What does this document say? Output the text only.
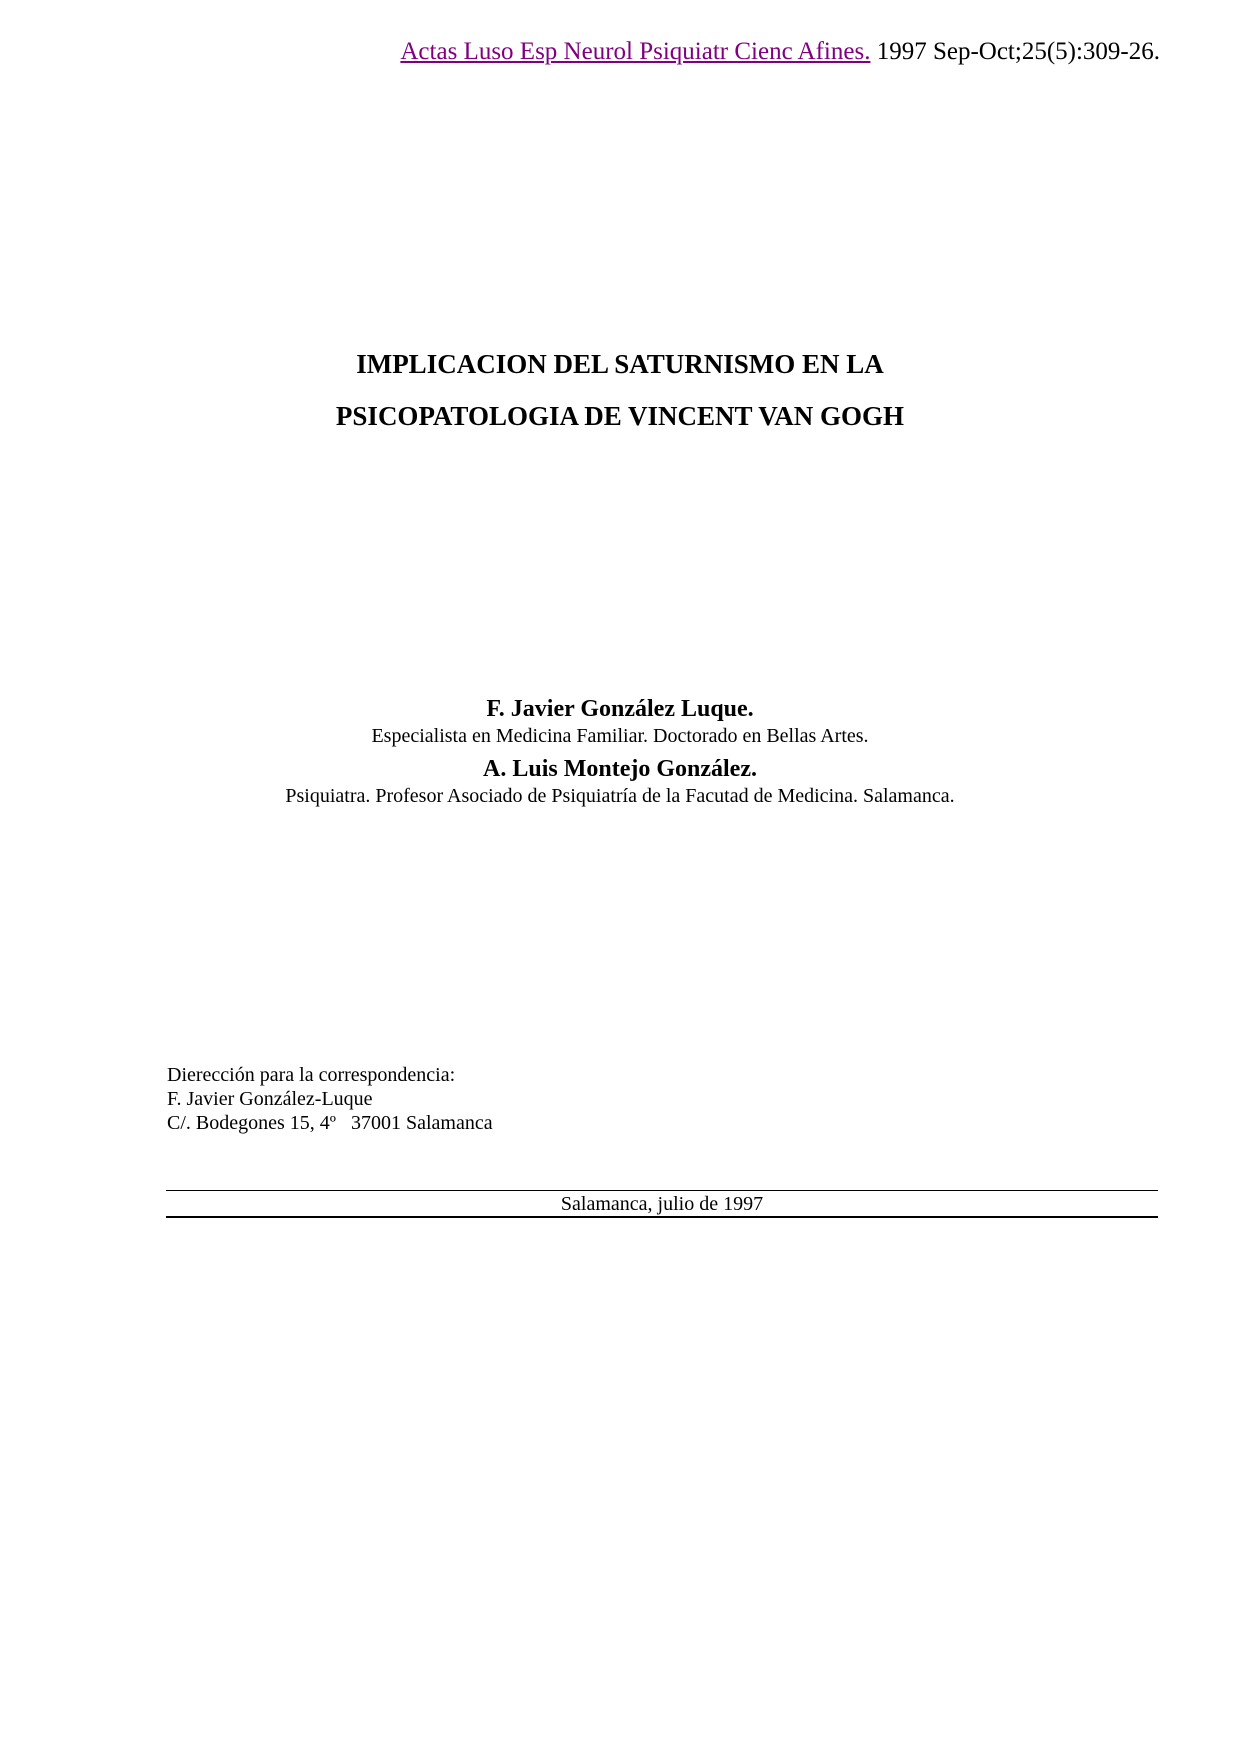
Actas Luso Esp Neurol Psiquiatr Cienc Afines. 1997 Sep-Oct;25(5):309-26.
IMPLICACION DEL SATURNISMO EN LA
PSICOPATOLOGIA DE VINCENT VAN GOGH
F. Javier González Luque.
Especialista en Medicina Familiar. Doctorado en Bellas Artes.
A. Luis Montejo González.
Psiquiatra. Profesor Asociado de Psiquiatría de la Facutad de Medicina. Salamanca.
Dierección para la correspondencia:
F. Javier González-Luque
C/. Bodegones 15, 4º   37001 Salamanca
Salamanca, julio de 1997
